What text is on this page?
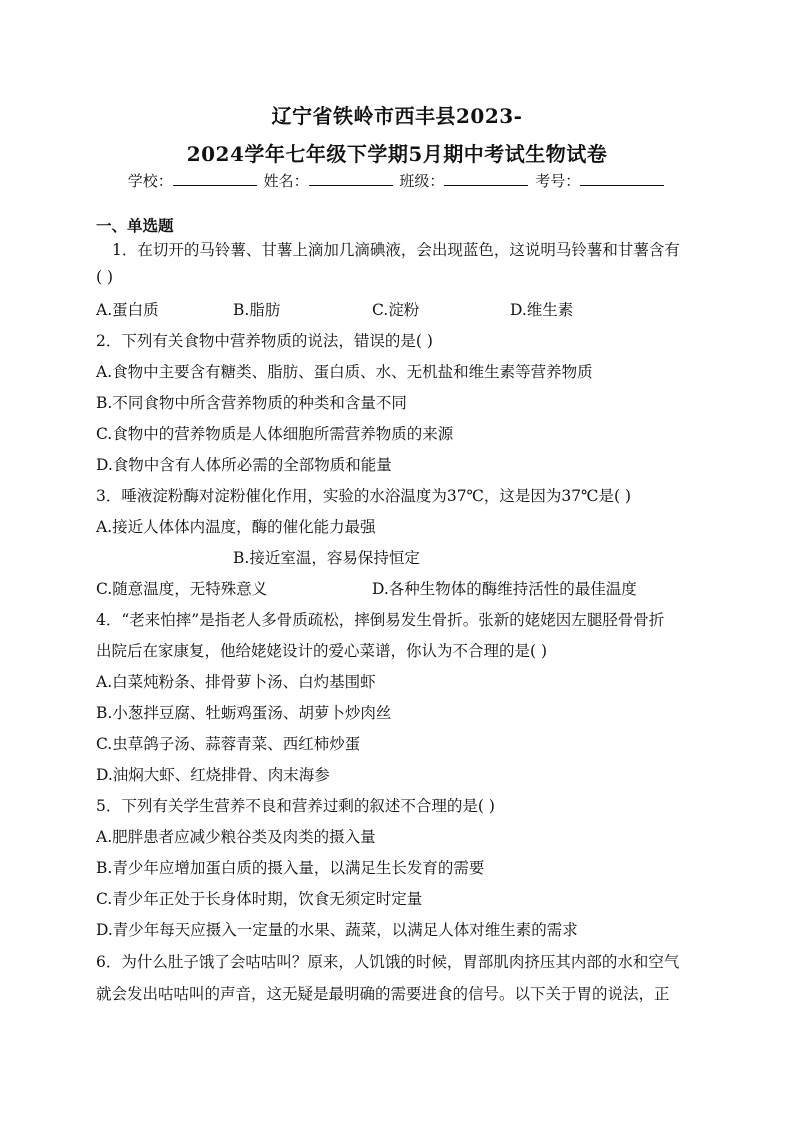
辽宁省铁岭市西丰县2023-
2024学年七年级下学期5月期中考试生物试卷
学校：	姓名：	班级：	考号：
一、单选题
1．在切开的马铃薯、甘薯上滴加几滴碘液，会出现蓝色，这说明马铃薯和甘薯含有
( )
A.蛋白质	B.脂肪	C.淀粉	D.维生素
2．下列有关食物中营养物质的说法，错误的是( )
A.食物中主要含有糖类、脂肪、蛋白质、水、无机盐和维生素等营养物质
B.不同食物中所含营养物质的种类和含量不同
C.食物中的营养物质是人体细胞所需营养物质的来源
D.食物中含有人体所必需的全部物质和能量
3．唾液淀粉酶对淀粉催化作用，实验的水浴温度为37℃，这是因为37℃是( )
A.接近人体体内温度，酶的催化能力最强
B.接近室温，容易保持恒定
C.随意温度，无特殊意义	D.各种生物体的酶维持活性的最佳温度
4．“老来怕摔”是指老人多骨质疏松，摔倒易发生骨折。张新的姥姥因左腿胫骨骨折
出院后在家康复，他给姥姥设计的爱心菜谱，你认为不合理的是( )
A.白菜炖粉条、排骨萝卜汤、白灼基围虾
B.小葱拌豆腐、牡蛎鸡蛋汤、胡萝卜炒肉丝
C.虫草鸽子汤、蒜蓉青菜、西红柿炒蛋
D.油焖大虾、红烧排骨、肉末海参
5．下列有关学生营养不良和营养过剩的叙述不合理的是( )
A.肥胖患者应减少粮谷类及肉类的摄入量
B.青少年应增加蛋白质的摄入量，以满足生长发育的需要
C.青少年正处于长身体时期，饮食无须定时定量
D.青少年每天应摄入一定量的水果、蔬菜，以满足人体对维生素的需求
6．为什么肚子饿了会咕咕叫？原来，人饥饿的时候，胃部肌肉挤压其内部的水和空气
就会发出咕咕叫的声音，这无疑是最明确的需要进食的信号。以下关于胃的说法，正
